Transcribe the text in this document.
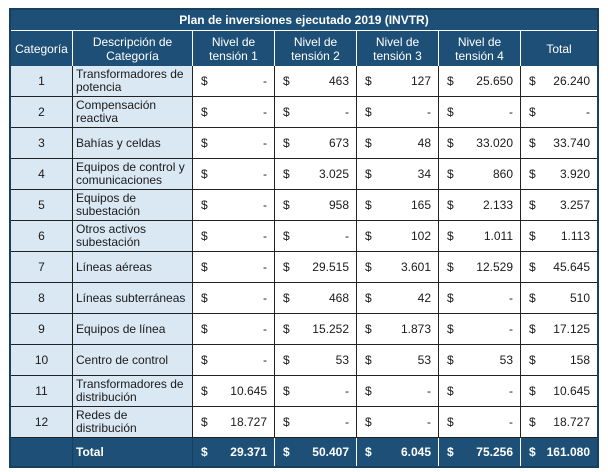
Plan de inversiones ejecutado 2019 (INVTR)						
Categoría	Descripción de Categoría	Nivel de tensión 1	Nivel de tensión 2	Nivel de tensión 3	Nivel de tensión 4	Total
1	Transformadores de potencia	$ -	$ 463	$ 127	$ 25.650	$ 26.240

2	Compensación reactiva	$ -	$ -	$ -	$ -	$ -

3	Bahías y celdas	$ -	$ 673	$ 48	$ 33.020	$ 33.740

4	Equipos de control y comunicaciones	$ -	$ 3.025	$ 34	$ 860	$ 3.920

5	Equipos de subestación	$ -	$ 958	$ 165	$ 2.133	$ 3.257

6	Otros activos subestación	$ -	$ -	$ 102	$ 1.011	$ 1.113

7	Líneas aéreas	$ -	$ 29.515	$ 3.601	$ 12.529	$ 45.645

8	Líneas subterráneas	$ -	$ 468	$ 42	$ -	$ 510

9	Equipos de línea	$ -	$ 15.252	$ 1.873	$ -	$ 17.125

10	Centro de control	$ -	$ 53	$ 53	$ 53	$ 158

11	Transformadores de distribución	$ 10.645	$ -	$ -	$ -	$ 10.645

12	Redes de distribución	$ 18.727	$ -	$ -	$ -	$ 18.727

	Total	$ 29.371	$ 50.407	$ 6.045	$ 75.256	$ 161.080
